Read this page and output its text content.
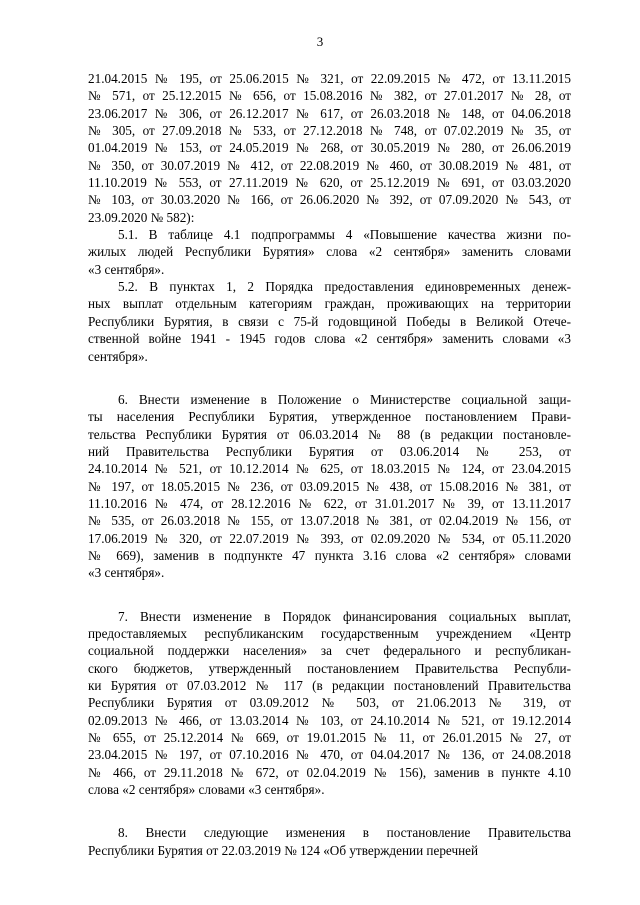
3
21.04.2015 № 195, от 25.06.2015 № 321, от 22.09.2015 № 472, от 13.11.2015
№ 571, от 25.12.2015 № 656, от 15.08.2016 № 382, от 27.01.2017 № 28, от
23.06.2017 № 306, от 26.12.2017 № 617, от 26.03.2018 № 148, от 04.06.2018
№ 305, от 27.09.2018 № 533, от 27.12.2018 № 748, от 07.02.2019 № 35, от
01.04.2019 № 153, от 24.05.2019 № 268, от 30.05.2019 № 280, от 26.06.2019
№ 350, от 30.07.2019 № 412, от 22.08.2019 № 460, от 30.08.2019 № 481, от
11.10.2019 № 553, от 27.11.2019 № 620, от 25.12.2019 № 691, от 03.03.2020
№ 103, от 30.03.2020 № 166, от 26.06.2020 № 392, от 07.09.2020 № 543, от
23.09.2020 № 582):
5.1. В таблице 4.1 подпрограммы 4 «Повышение качества жизни по-
жилых людей Республики Бурятия» слова «2 сентября» заменить словами
«3 сентября».
5.2. В пунктах 1, 2 Порядка предоставления единовременных денеж-
ных выплат отдельным категориям граждан, проживающих на территории
Республики Бурятия, в связи с 75-й годовщиной Победы в Великой Отече-
ственной войне 1941 - 1945 годов слова «2 сентября» заменить словами «3
сентября».
6. Внести изменение в Положение о Министерстве социальной защи-
ты населения Республики Бурятия, утвержденное постановлением Прави-
тельства Республики Бурятия от 06.03.2014 № 88 (в редакции постановле-
ний Правительства Республики Бурятия от 03.06.2014 № 253, от
24.10.2014 № 521, от 10.12.2014 № 625, от 18.03.2015 № 124, от 23.04.2015
№ 197, от 18.05.2015 № 236, от 03.09.2015 № 438, от 15.08.2016 № 381, от
11.10.2016 № 474, от 28.12.2016 № 622, от 31.01.2017 № 39, от 13.11.2017
№ 535, от 26.03.2018 № 155, от 13.07.2018 № 381, от 02.04.2019 № 156, от
17.06.2019 № 320, от 22.07.2019 № 393, от 02.09.2020 № 534, от 05.11.2020
№ 669), заменив в подпункте 47 пункта 3.16 слова «2 сентября» словами
«3 сентября».
7. Внести изменение в Порядок финансирования социальных выплат,
предоставляемых республиканским государственным учреждением «Центр
социальной поддержки населения» за счет федерального и республикан-
ского бюджетов, утвержденный постановлением Правительства Республи-
ки Бурятия от 07.03.2012 № 117 (в редакции постановлений Правительства
Республики Бурятия от 03.09.2012 № 503, от 21.06.2013 № 319, от
02.09.2013 № 466, от 13.03.2014 № 103, от 24.10.2014 № 521, от 19.12.2014
№ 655, от 25.12.2014 № 669, от 19.01.2015 № 11, от 26.01.2015 № 27, от
23.04.2015 № 197, от 07.10.2016 № 470, от 04.04.2017 № 136, от 24.08.2018
№ 466, от 29.11.2018 № 672, от 02.04.2019 № 156), заменив в пункте 4.10
слова «2 сентября» словами «3 сентября».
8. Внести следующие изменения в постановление Правительства
Республики Бурятия от 22.03.2019 № 124 «Об утверждении перечней
